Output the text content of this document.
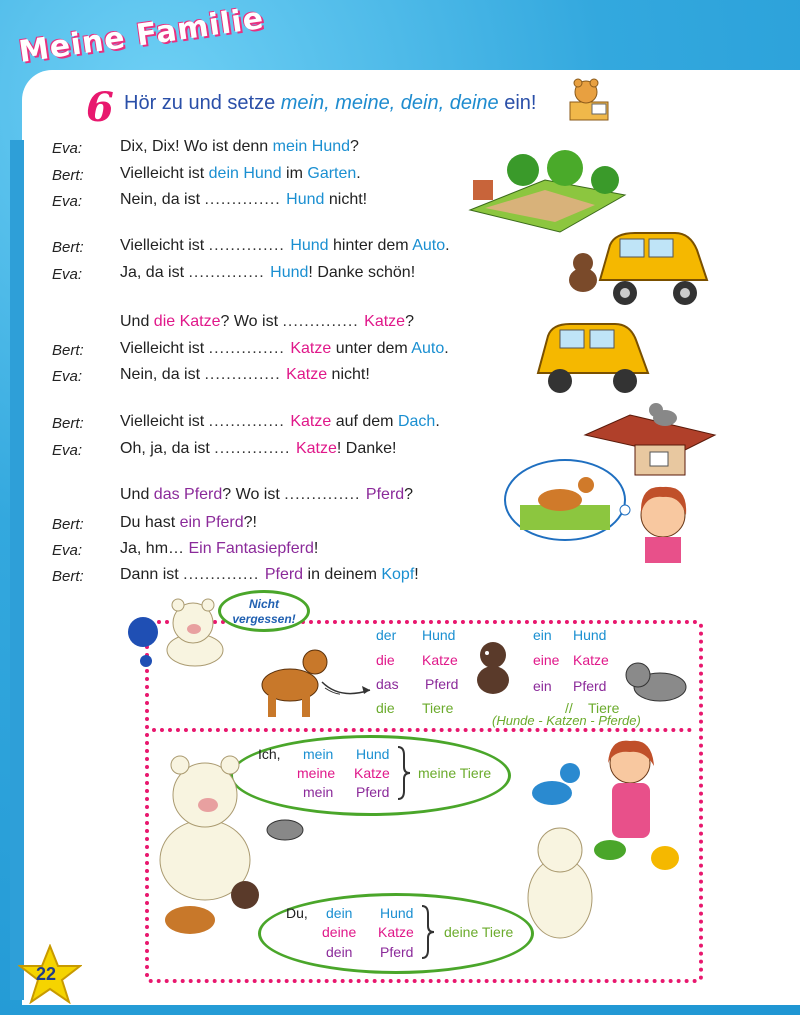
Meine Familie
6 Hör zu und setze mein, meine, dein, deine ein!
Eva: Dix, Dix! Wo ist denn mein Hund?
Bert: Vielleicht ist dein Hund im Garten.
Eva: Nein, da ist .............. Hund nicht!
Bert: Vielleicht ist .............. Hund hinter dem Auto.
Eva: Ja, da ist .............. Hund! Danke schön!
Und die Katze? Wo ist .............. Katze?
Bert: Vielleicht ist .............. Katze unter dem Auto.
Eva: Nein, da ist .............. Katze nicht!
Bert: Vielleicht ist .............. Katze auf dem Dach.
Eva: Oh, ja, da ist .............. Katze! Danke!
Und das Pferd? Wo ist .............. Pferd?
Bert: Du hast ein Pferd?!
Eva: Ja, hm… Ein Fantasiepferd!
Bert: Dann ist .............. Pferd in deinem Kopf!
Nicht
vergessen!
der Hund
die Katze
das Pferd
die Tiere
ein Hund
eine Katze
ein Pferd
// Tiere
(Hunde - Katzen - Pferde)
Ich, mein Hund
meine Katze
mein Pferd
meine Tiere
Du, dein Hund
deine Katze
dein Pferd
deine Tiere
22
